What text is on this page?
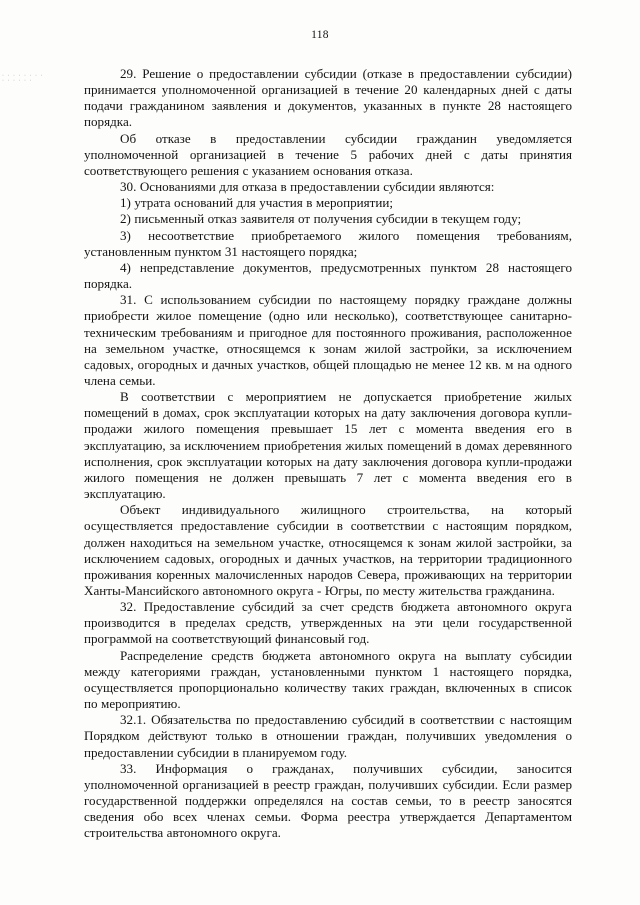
118
· · · · · · · ·
· · · · · ·	29. Решение о предоставлении субсидии (отказе в предоставлении субсидии) принимается уполномоченной организацией в течение 20 календарных дней с даты подачи гражданином заявления и документов, указанных в пункте 28 настоящего порядка.

Об отказе в предоставлении субсидии гражданин уведомляется уполномоченной организацией в течение 5 рабочих дней с даты принятия соответствующего решения с указанием основания отказа.

30. Основаниями для отказа в предоставлении субсидии являются:

1) утрата оснований для участия в мероприятии;

2) письменный отказ заявителя от получения субсидии в текущем году;

3) несоответствие приобретаемого жилого помещения требованиям, установленным пунктом 31 настоящего порядка;

4) непредставление документов, предусмотренных пунктом 28 настоящего порядка.

31. С использованием субсидии по настоящему порядку граждане должны приобрести жилое помещение (одно или несколько), соответствующее санитарно-техническим требованиям и пригодное для постоянного проживания, расположенное на земельном участке, относящемся к зонам жилой застройки, за исключением садовых, огородных и дачных участков, общей площадью не менее 12 кв. м на одного члена семьи.

В соответствии с мероприятием не допускается приобретение жилых помещений в домах, срок эксплуатации которых на дату заключения договора купли-продажи жилого помещения превышает 15 лет с момента введения его в эксплуатацию, за исключением приобретения жилых помещений в домах деревянного исполнения, срок эксплуатации которых на дату заключения договора купли-продажи жилого помещения не должен превышать 7 лет с момента введения его в эксплуатацию.

Объект индивидуального жилищного строительства, на который осуществляется предоставление субсидии в соответствии с настоящим порядком, должен находиться на земельном участке, относящемся к зонам жилой застройки, за исключением садовых, огородных и дачных участков, на территории традиционного проживания коренных малочисленных народов Севера, проживающих на территории Ханты-Мансийского автономного округа - Югры, по месту жительства гражданина.

32. Предоставление субсидий за счет средств бюджета автономного округа производится в пределах средств, утвержденных на эти цели государственной программой на соответствующий финансовый год.

Распределение средств бюджета автономного округа на выплату субсидии между категориями граждан, установленными пунктом 1 настоящего порядка, осуществляется пропорционально количеству таких граждан, включенных в список по мероприятию.

32.1. Обязательства по предоставлению субсидий в соответствии с настоящим Порядком действуют только в отношении граждан, получивших уведомления о предоставлении субсидии в планируемом году.

33. Информация о гражданах, получивших субсидии, заносится уполномоченной организацией в реестр граждан, получивших субсидии. Если размер государственной поддержки определялся на состав семьи, то в реестр заносятся сведения обо всех членах семьи. Форма реестра утверждается Департаментом строительства автономного округа.
